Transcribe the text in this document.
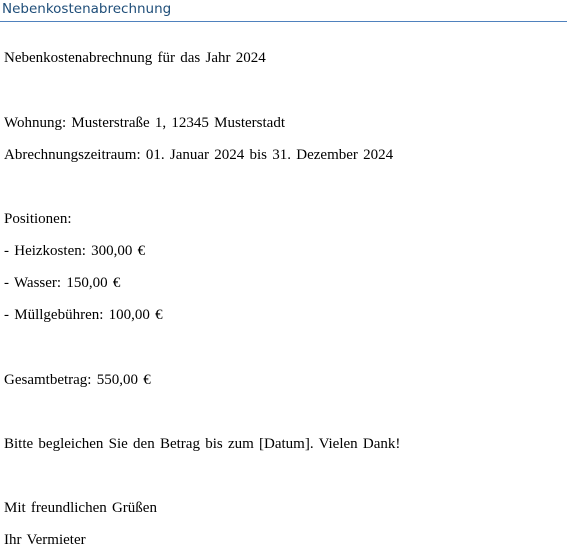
Nebenkostenabrechnung
Nebenkostenabrechnung für das Jahr 2024
Wohnung: Musterstraße 1, 12345 Musterstadt
Abrechnungszeitraum: 01. Januar 2024 bis 31. Dezember 2024
Positionen:
- Heizkosten: 300,00 €
- Wasser: 150,00 €
- Müllgebühren: 100,00 €
Gesamtbetrag: 550,00 €
Bitte begleichen Sie den Betrag bis zum [Datum]. Vielen Dank!
Mit freundlichen Grüßen
Ihr Vermieter
